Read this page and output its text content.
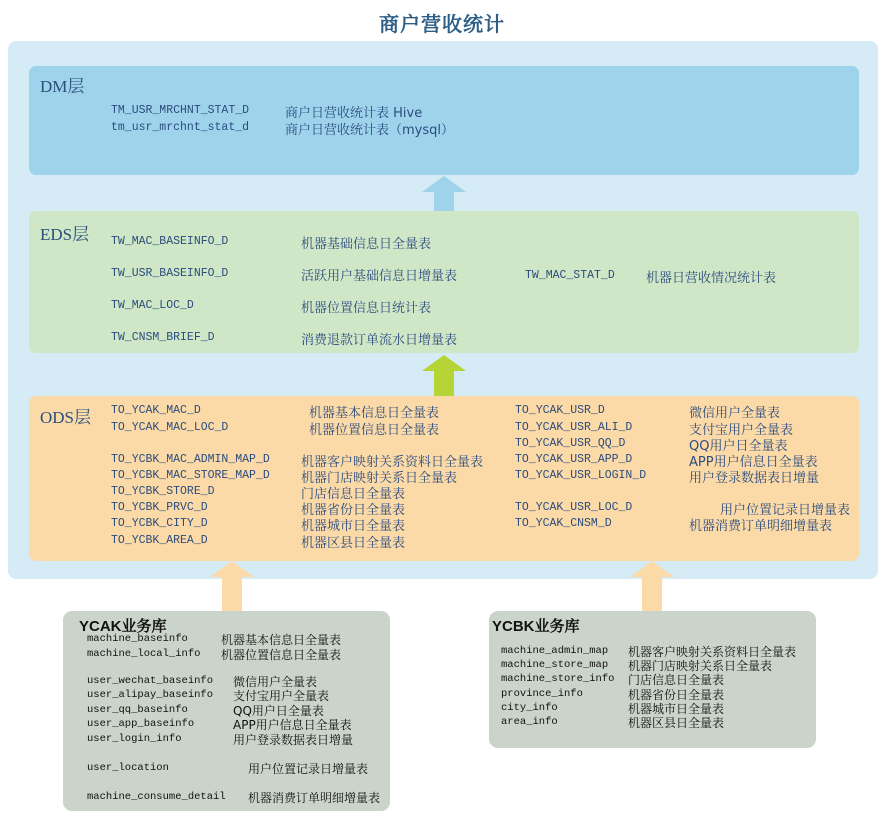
商户营收统计
DM层
TM_USR_MRCHNT_STAT_D	商户日营收统计表 Hive
tm_usr_mrchnt_stat_d	商户日营收统计表（mysql）
EDS层 TW_MAC_BASEINFO_D	机器基础信息日全量表
TW_USR_BASEINFO_D	活跃用户基础信息日增量表
TW_MAC_LOC_D	机器位置信息日统计表
TW_CNSM_BRIEF_D	消费退款订单流水日增量表
TW_MAC_STAT_D 机器日营收情况统计表
ODS层 TO_YCAK_MAC_D	机器基本信息日全量表
TO_YCAK_MAC_LOC_D	机器位置信息日全量表
TO_YCBK_MAC_ADMIN_MAP_D 机器客户映射关系资料日全量表
TO_YCBK_MAC_STORE_MAP_D 机器门店映射关系日全量表
TO_YCBK_STORE_D	门店信息日全量表
TO_YCBK_PRVC_D	机器省份日全量表
TO_YCBK_CITY_D	机器城市日全量表
TO_YCBK_AREA_D	机器区县日全量表
TO_YCAK_USR_D	微信用户全量表
TO_YCAK_USR_ALI_D	支付宝用户全量表
TO_YCAK_USR_QQ_D	QQ用户日全量表
TO_YCAK_USR_APP_D	APP用户信息日全量表
TO_YCAK_USR_LOGIN_D	用户登录数据表日增量
TO_YCAK_USR_LOC_D	用户位置记录日增量表
TO_YCAK_CNSM_D	机器消费订单明细增量表
YCAK业务库
machine_baseinfo	机器基本信息日全量表
machine_local_info 机器位置信息日全量表
user_wechat_baseinfo 微信用户全量表
user_alipay_baseinfo 支付宝用户全量表
user_qq_baseinfo	QQ用户日全量表
user_app_baseinfo	APP用户信息日全量表
user_login_info	用户登录数据表日增量
user_location	用户位置记录日增量表
machine_consume_detail 机器消费订单明细增量表
YCBK业务库
machine_admin_map 机器客户映射关系资料日全量表
machine_store_map 机器门店映射关系日全量表
machine_store_info 门店信息日全量表
province_info	机器省份日全量表
city_info	机器城市日全量表
area_info	机器区县日全量表
